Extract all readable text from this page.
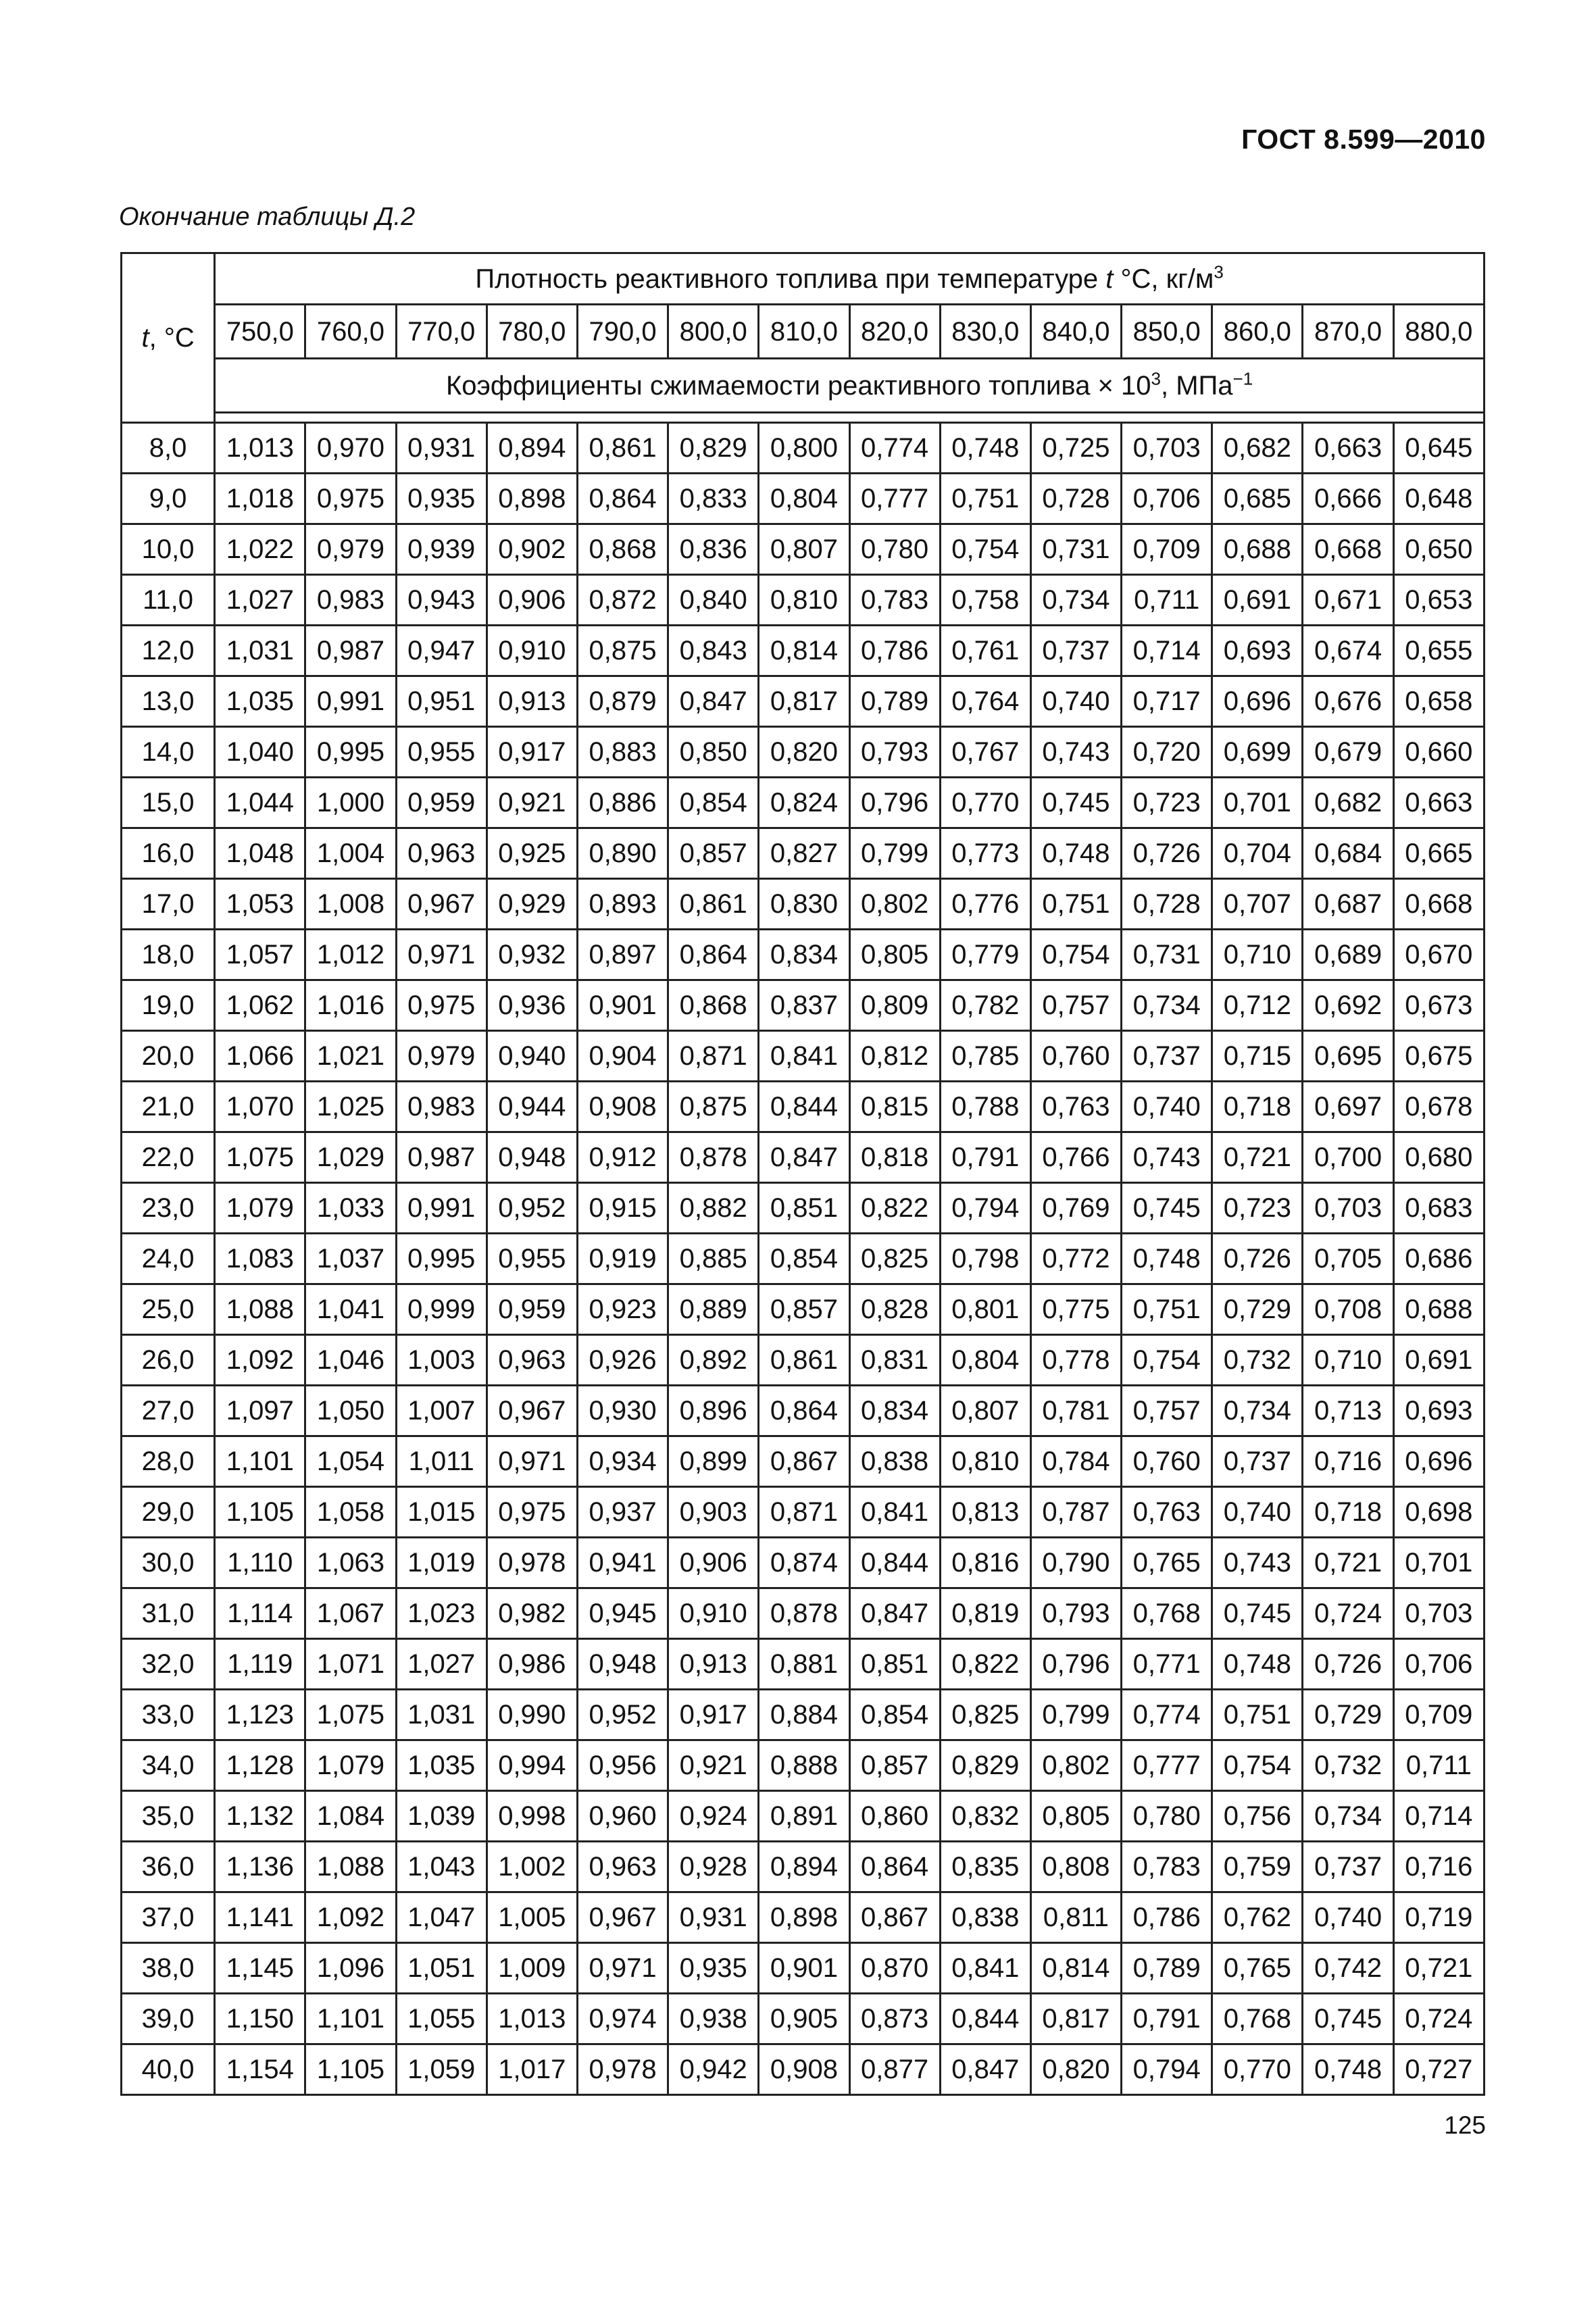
ГОСТ 8.599—2010
Окончание таблицы Д.2
t, °C	Плотность реактивного топлива при температуре t °C, $кг/м^3$
	750,0	760,0	770,0	780,0	790,0	800,0	810,0	820,0	830,0	840,0	850,0	860,0	870,0	880,0
	Коэффициенты сжимаемости реактивного топлива × $10^3$, МПа$^{-1}$

8,0	1,013	0,970	0,931	0,894	0,861	0,829	0,800	0,774	0,748	0,725	0,703	0,682	0,663	0,645
9,0	1,018	0,975	0,935	0,898	0,864	0,833	0,804	0,777	0,751	0,728	0,706	0,685	0,666	0,648
10,0	1,022	0,979	0,939	0,902	0,868	0,836	0,807	0,780	0,754	0,731	0,709	0,688	0,668	0,650
11,0	1,027	0,983	0,943	0,906	0,872	0,840	0,810	0,783	0,758	0,734	0,711	0,691	0,671	0,653
12,0	1,031	0,987	0,947	0,910	0,875	0,843	0,814	0,786	0,761	0,737	0,714	0,693	0,674	0,655
13,0	1,035	0,991	0,951	0,913	0,879	0,847	0,817	0,789	0,764	0,740	0,717	0,696	0,676	0,658
14,0	1,040	0,995	0,955	0,917	0,883	0,850	0,820	0,793	0,767	0,743	0,720	0,699	0,679	0,660
15,0	1,044	1,000	0,959	0,921	0,886	0,854	0,824	0,796	0,770	0,745	0,723	0,701	0,682	0,663
16,0	1,048	1,004	0,963	0,925	0,890	0,857	0,827	0,799	0,773	0,748	0,726	0,704	0,684	0,665
17,0	1,053	1,008	0,967	0,929	0,893	0,861	0,830	0,802	0,776	0,751	0,728	0,707	0,687	0,668
18,0	1,057	1,012	0,971	0,932	0,897	0,864	0,834	0,805	0,779	0,754	0,731	0,710	0,689	0,670
19,0	1,062	1,016	0,975	0,936	0,901	0,868	0,837	0,809	0,782	0,757	0,734	0,712	0,692	0,673
20,0	1,066	1,021	0,979	0,940	0,904	0,871	0,841	0,812	0,785	0,760	0,737	0,715	0,695	0,675
21,0	1,070	1,025	0,983	0,944	0,908	0,875	0,844	0,815	0,788	0,763	0,740	0,718	0,697	0,678
22,0	1,075	1,029	0,987	0,948	0,912	0,878	0,847	0,818	0,791	0,766	0,743	0,721	0,700	0,680
23,0	1,079	1,033	0,991	0,952	0,915	0,882	0,851	0,822	0,794	0,769	0,745	0,723	0,703	0,683
24,0	1,083	1,037	0,995	0,955	0,919	0,885	0,854	0,825	0,798	0,772	0,748	0,726	0,705	0,686
25,0	1,088	1,041	0,999	0,959	0,923	0,889	0,857	0,828	0,801	0,775	0,751	0,729	0,708	0,688
26,0	1,092	1,046	1,003	0,963	0,926	0,892	0,861	0,831	0,804	0,778	0,754	0,732	0,710	0,691
27,0	1,097	1,050	1,007	0,967	0,930	0,896	0,864	0,834	0,807	0,781	0,757	0,734	0,713	0,693
28,0	1,101	1,054	1,011	0,971	0,934	0,899	0,867	0,838	0,810	0,784	0,760	0,737	0,716	0,696
29,0	1,105	1,058	1,015	0,975	0,937	0,903	0,871	0,841	0,813	0,787	0,763	0,740	0,718	0,698
30,0	1,110	1,063	1,019	0,978	0,941	0,906	0,874	0,844	0,816	0,790	0,765	0,743	0,721	0,701
31,0	1,114	1,067	1,023	0,982	0,945	0,910	0,878	0,847	0,819	0,793	0,768	0,745	0,724	0,703
32,0	1,119	1,071	1,027	0,986	0,948	0,913	0,881	0,851	0,822	0,796	0,771	0,748	0,726	0,706
33,0	1,123	1,075	1,031	0,990	0,952	0,917	0,884	0,854	0,825	0,799	0,774	0,751	0,729	0,709
34,0	1,128	1,079	1,035	0,994	0,956	0,921	0,888	0,857	0,829	0,802	0,777	0,754	0,732	0,711
35,0	1,132	1,084	1,039	0,998	0,960	0,924	0,891	0,860	0,832	0,805	0,780	0,756	0,734	0,714
36,0	1,136	1,088	1,043	1,002	0,963	0,928	0,894	0,864	0,835	0,808	0,783	0,759	0,737	0,716
37,0	1,141	1,092	1,047	1,005	0,967	0,931	0,898	0,867	0,838	0,811	0,786	0,762	0,740	0,719
38,0	1,145	1,096	1,051	1,009	0,971	0,935	0,901	0,870	0,841	0,814	0,789	0,765	0,742	0,721
39,0	1,150	1,101	1,055	1,013	0,974	0,938	0,905	0,873	0,844	0,817	0,791	0,768	0,745	0,724
40,0	1,154	1,105	1,059	1,017	0,978	0,942	0,908	0,877	0,847	0,820	0,794	0,770	0,748	0,727
125
